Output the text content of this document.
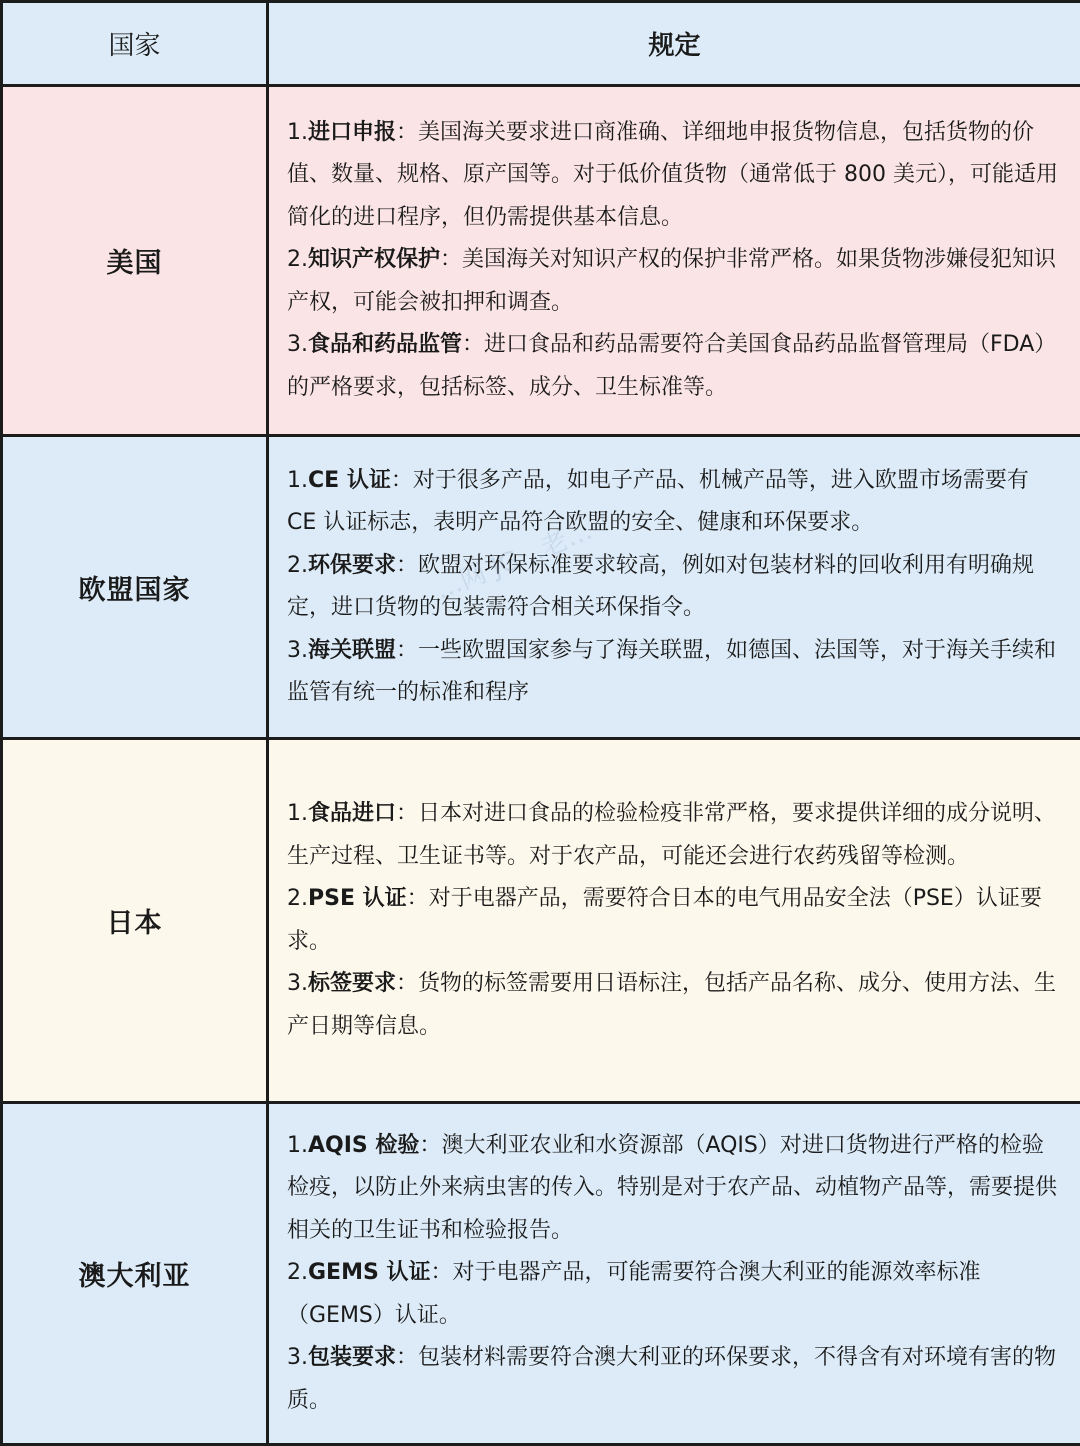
国家	规定
美国	1.进口申报：美国海关要求进口商准确、详细地申报货物信息，包括货物的价值、数量、规格、原产国等。对于低价值货物（通常低于 800 美元），可能适用简化的进口程序，但仍需提供基本信息。

2.知识产权保护：美国海关对知识产权的保护非常严格。如果货物涉嫌侵犯知识产权，可能会被扣押和调查。

3.食品和药品监管：进口食品和药品需要符合美国食品药品监督管理局（FDA）的严格要求，包括标签、成分、卫生标准等。

欧盟国家	1.CE 认证：对于很多产品，如电子产品、机械产品等，进入欧盟市场需要有 CE 认证标志，表明产品符合欧盟的安全、健康和环保要求。

2.环保要求：欧盟对环保标准要求较高，例如对包装材料的回收利用有明确规定，进口货物的包装需符合相关环保指令。

3.海关联盟：一些欧盟国家参与了海关联盟，如德国、法国等，对于海关手续和监管有统一的标准和程序

日本	1.食品进口：日本对进口食品的检验检疫非常严格，要求提供详细的成分说明、生产过程、卫生证书等。对于农产品，可能还会进行农药残留等检测。

2.PSE 认证：对于电器产品，需要符合日本的电气用品安全法（PSE）认证要求。

3.标签要求：货物的标签需要用日语标注，包括产品名称、成分、使用方法、生产日期等信息。

澳大利亚	1.AQIS 检验：澳大利亚农业和水资源部（AQIS）对进口货物进行严格的检验检疫，以防止外来病虫害的传入。特别是对于农产品、动植物产品等，需要提供相关的卫生证书和检验报告。

2.GEMS 认证：对于电器产品，可能需要符合澳大利亚的能源效率标准（GEMS）认证。

3.包装要求：包装材料需要符合澳大利亚的环保要求，不得含有对环境有害的物质。
